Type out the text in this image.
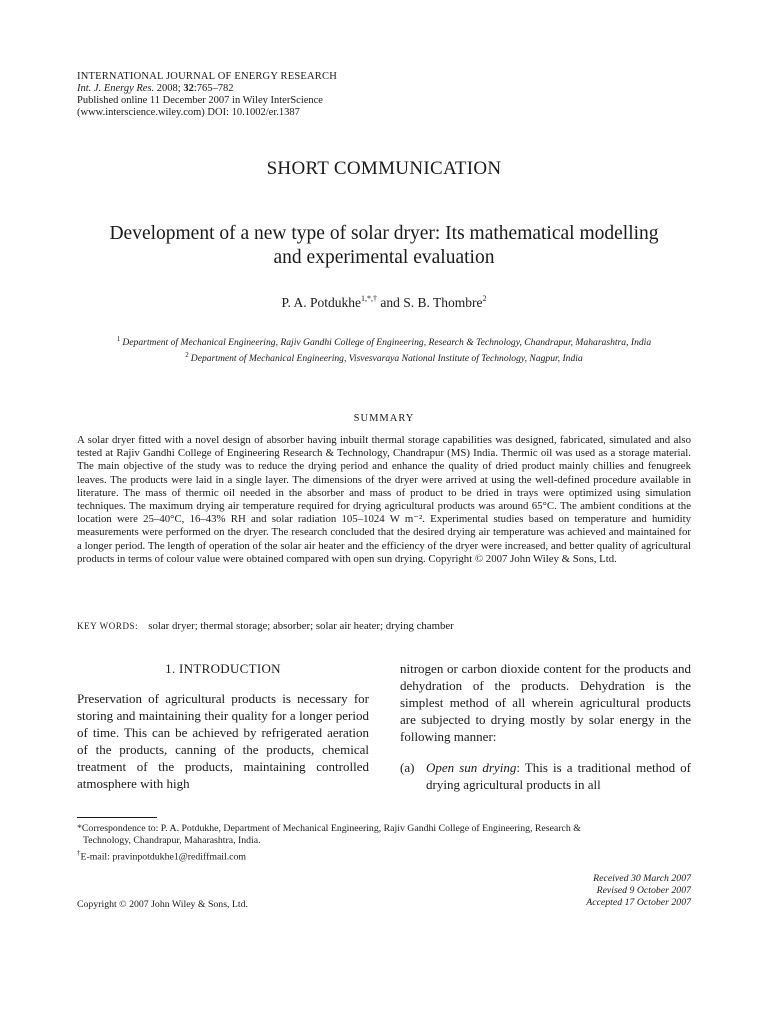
INTERNATIONAL JOURNAL OF ENERGY RESEARCH
Int. J. Energy Res. 2008; 32:765–782
Published online 11 December 2007 in Wiley InterScience
(www.interscience.wiley.com) DOI: 10.1002/er.1387
SHORT COMMUNICATION
Development of a new type of solar dryer: Its mathematical modelling
and experimental evaluation
P. A. Potdukhe$^{1,*,\dagger}$ and S. B. Thombre$^2$
$^1$ Department of Mechanical Engineering, Rajiv Gandhi College of Engineering, Research & Technology, Chandrapur, Maharashtra, India
$^2$ Department of Mechanical Engineering, Visvesvaraya National Institute of Technology, Nagpur, India
SUMMARY
A solar dryer fitted with a novel design of absorber having inbuilt thermal storage capabilities was designed, fabricated, simulated and also tested at Rajiv Gandhi College of Engineering Research & Technology, Chandrapur (MS) India. Thermic oil was used as a storage material. The main objective of the study was to reduce the drying period and enhance the quality of dried product mainly chillies and fenugreek leaves. The products were laid in a single layer. The dimensions of the dryer were arrived at using the well-defined procedure available in literature. The mass of thermic oil needed in the absorber and mass of product to be dried in trays were optimized using simulation techniques. The maximum drying air temperature required for drying agricultural products was around 65°C. The ambient conditions at the location were 25–40°C, 16–43% RH and solar radiation 105–1024 W m⁻². Experimental studies based on temperature and humidity measurements were performed on the dryer. The research concluded that the desired drying air temperature was achieved and maintained for a longer period. The length of operation of the solar air heater and the efficiency of the dryer were increased, and better quality of agricultural products in terms of colour value were obtained compared with open sun drying. Copyright © 2007 John Wiley & Sons, Ltd.
KEY WORDS: solar dryer; thermal storage; absorber; solar air heater; drying chamber
1. INTRODUCTION

Preservation of agricultural products is necessary for storing and maintaining their quality for a longer period of time. This can be achieved by refrigerated aeration of the products, canning of the products, chemical treatment of the products, maintaining controlled atmosphere with high

nitrogen or carbon dioxide content for the products and dehydration of the products. Dehydration is the simplest method of all wherein agricultural products are subjected to drying mostly by solar energy in the following manner:

(a) Open sun drying: This is a traditional method of drying agricultural products in all
*Correspondence to: P. A. Potdukhe, Department of Mechanical Engineering, Rajiv Gandhi College of Engineering, Research &
Technology, Chandrapur, Maharashtra, India.
†E-mail: pravinpotdukhe1@rediffmail.com
Received 30 March 2007
Revised 9 October 2007
Accepted 17 October 2007
Copyright © 2007 John Wiley & Sons, Ltd.
